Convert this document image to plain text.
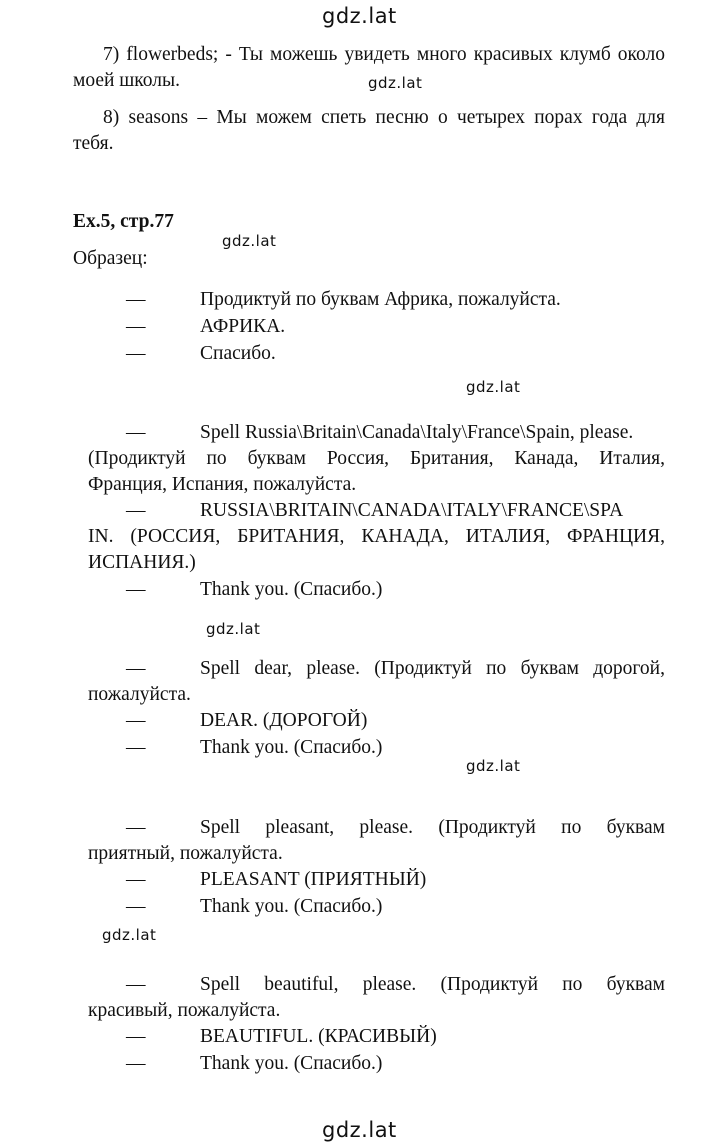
gdz.lat
gdz.lat
gdz.lat
gdz.lat
gdz.lat
gdz.lat
gdz.lat
gdz.lat
7) flowerbeds; - Ты можешь увидеть много красивых клумб около
моей школы.
8) seasons – Мы можем спеть песню о четырех порах года для
тебя.
Ex.5, стр.77
Образец:
—	Продиктуй по буквам Африка, пожалуйста.
—	АФРИКА.
—	Спасибо.
—	Spell Russia\Britain\Canada\Italy\France\Spain, please.
(Продиктуй по буквам Россия, Британия, Канада, Италия,
Франция, Испания, пожалуйста.
—	RUSSIA\BRITAIN\CANADA\ITALY\FRANCE\SPA
IN. (РОССИЯ, БРИТАНИЯ, КАНАДА, ИТАЛИЯ, ФРАНЦИЯ,
ИСПАНИЯ.)
—	Thank you. (Спасибо.)
—	Spell dear, please. (Продиктуй по буквам дорогой,
пожалуйста.
—	DEAR. (ДОРОГОЙ)
—	Thank you. (Спасибо.)
—	Spell pleasant, please. (Продиктуй по буквам
приятный, пожалуйста.
—	PLEASANT (ПРИЯТНЫЙ)
—	Thank you. (Спасибо.)
—	Spell beautiful, please. (Продиктуй по буквам
красивый, пожалуйста.
—	BEAUTIFUL. (КРАСИВЫЙ)
—	Thank you. (Спасибо.)
